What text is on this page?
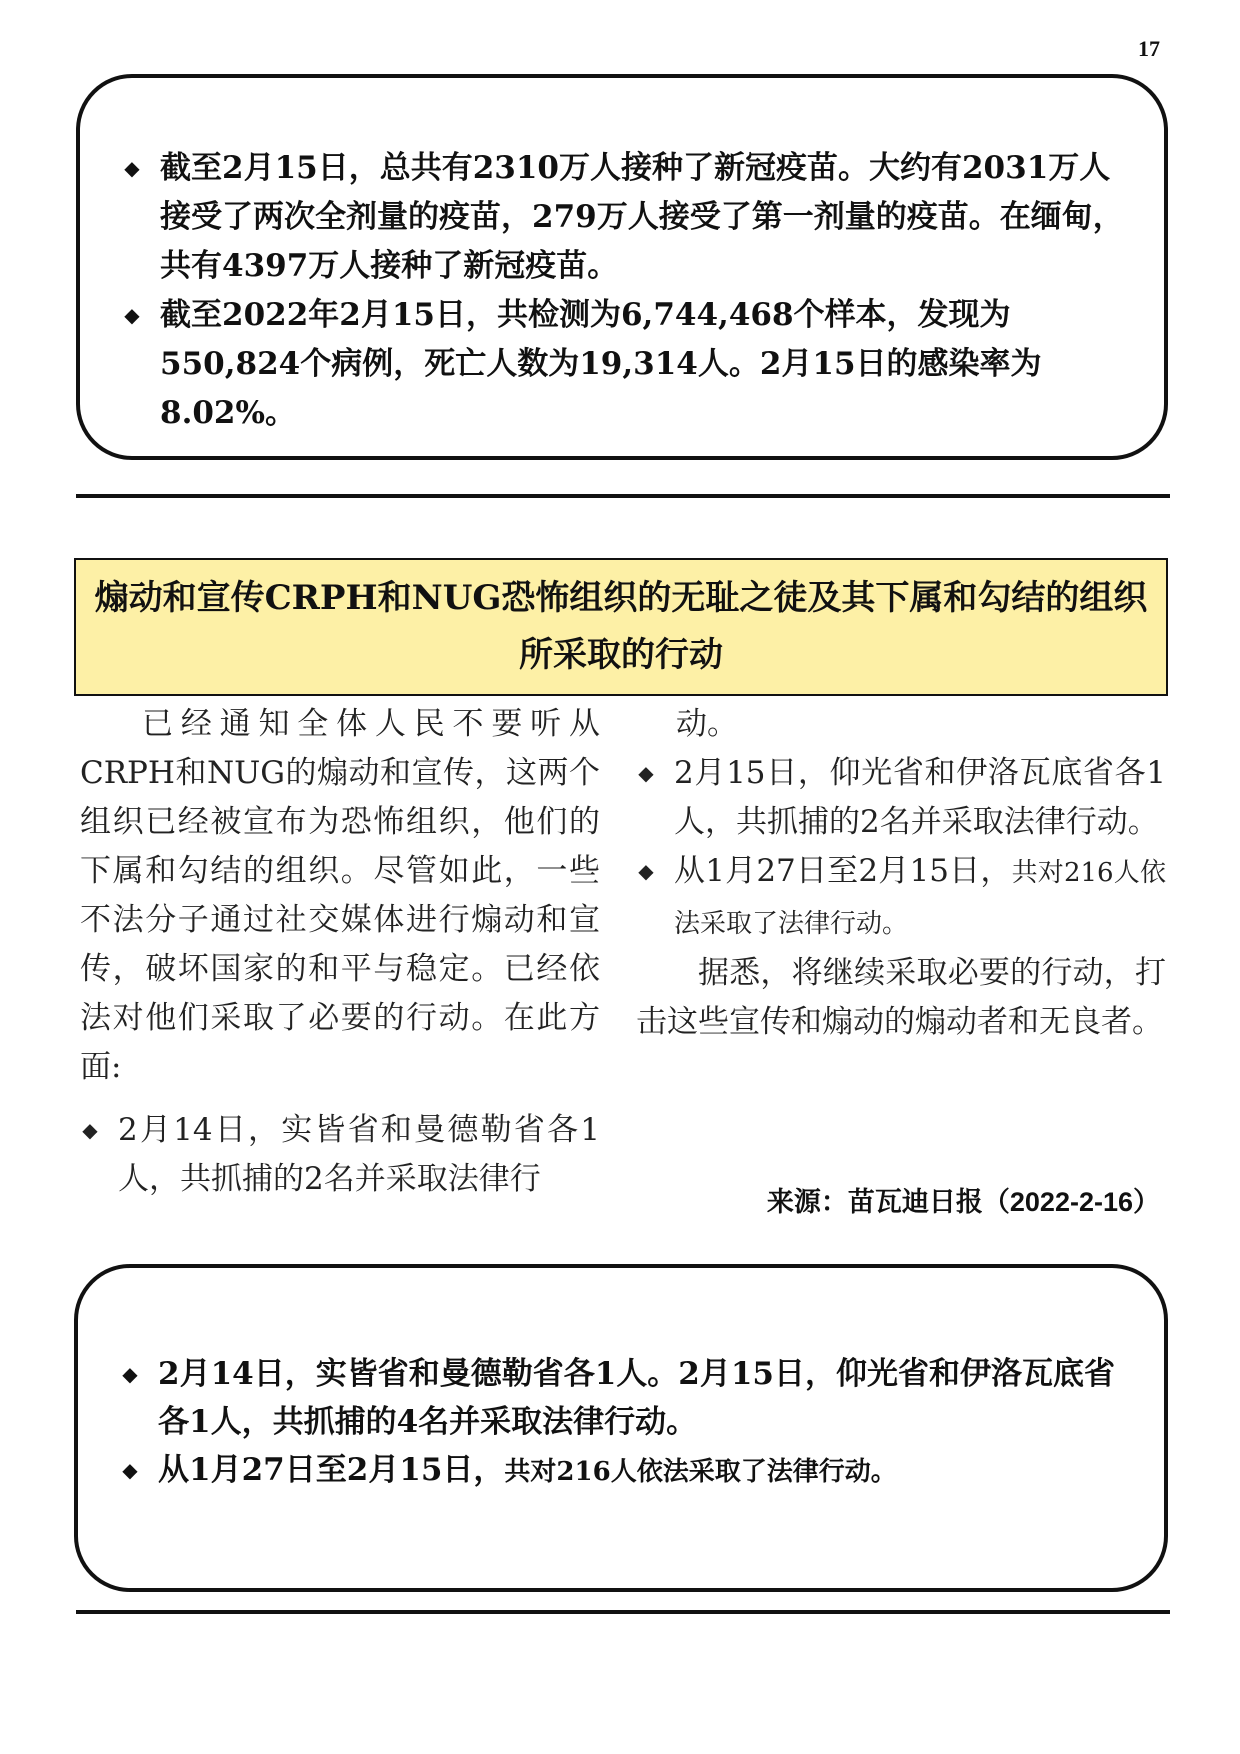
17
◆ 截至2月15日，总共有2310万人接种了新冠疫苗。大约有2031万人接受了两次全剂量的疫苗，279万人接受了第一剂量的疫苗。在缅甸，共有4397万人接种了新冠疫苗。
◆ 截至2022年2月15日，共检测为6,744,468个样本，发现为550,824个病例，死亡人数为19,314人。2月15日的感染率为8.02%。
煽动和宣传CRPH和NUG恐怖组织的无耻之徒及其下属和勾结的组织
所采取的行动

已经通知全体人民不要听从CRPH和NUG的煽动和宣传，这两个组织已经被宣布为恐怖组织，他们的下属和勾结的组织。尽管如此，一些不法分子通过社交媒体进行煽动和宣传，破坏国家的和平与稳定。已经依法对他们采取了必要的行动。在此方面:

◆ 2月14日，实皆省和曼德勒省各1人，共抓捕的2名并采取法律行

动。

◆ 2月15日，仰光省和伊洛瓦底省各1人，共抓捕的2名并采取法律行动。
◆ 从1月27日至2月15日，共对216人依法采取了法律行动。

据悉，将继续采取必要的行动，打击这些宣传和煽动的煽动者和无良者。

来源：苗瓦迪日报（2022-2-16）
◆ 2月14日，实皆省和曼德勒省各1人。2月15日，仰光省和伊洛瓦底省各1人，共抓捕的4名并采取法律行动。
◆ 从1月27日至2月15日，共对216人依法采取了法律行动。
